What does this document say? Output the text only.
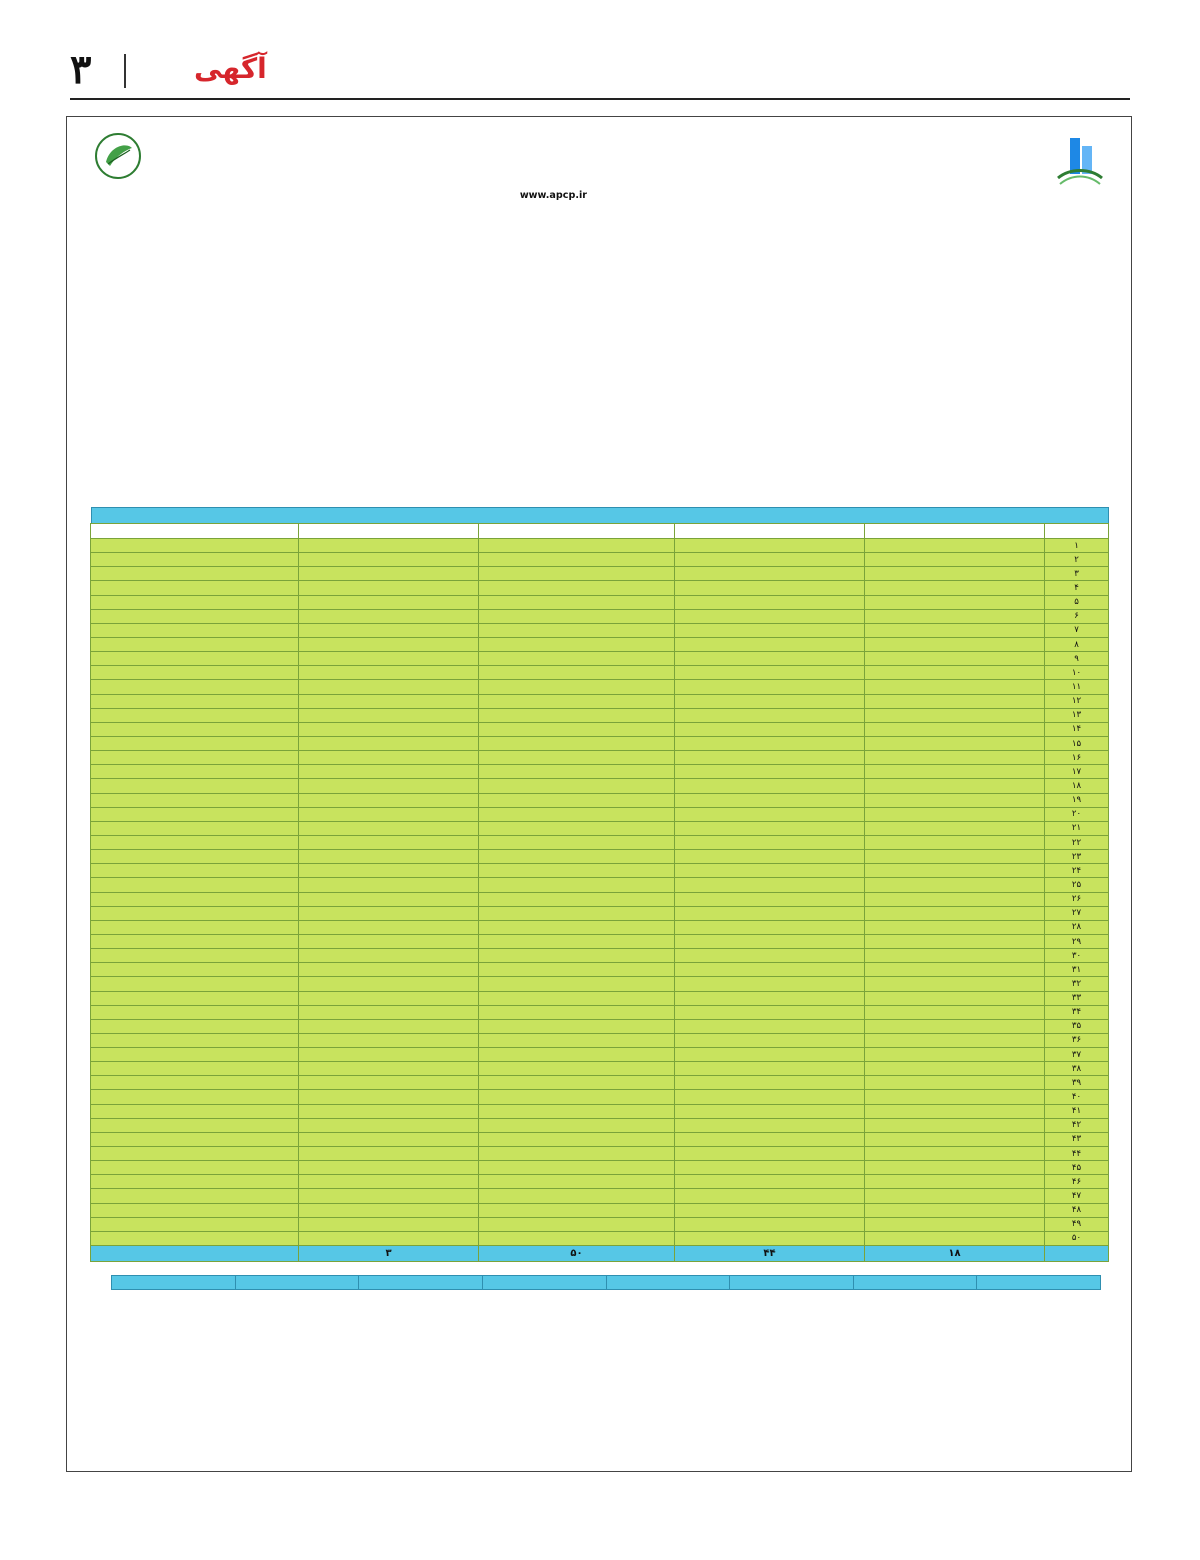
۳	آگهی
www.apcp.ir

۱					
۲					
۳					
۴					
۵					
۶					
۷					
۸					
۹					
۱۰					
۱۱					
۱۲					
۱۳					
۱۴					
۱۵					
۱۶					
۱۷					
۱۸					
۱۹					
۲۰					
۲۱					
۲۲					
۲۳					
۲۴					
۲۵					
۲۶					
۲۷					
۲۸					
۲۹					
۳۰					
۳۱					
۳۲					
۳۳					
۳۴					
۳۵					
۳۶					
۳۷					
۳۸					
۳۹					
۴۰					
۴۱					
۴۲					
۴۳					
۴۴					
۴۵					
۴۶					
۴۷					
۴۸					
۴۹					
۵۰					
	۱۸	۴۴	۵۰	۳	
